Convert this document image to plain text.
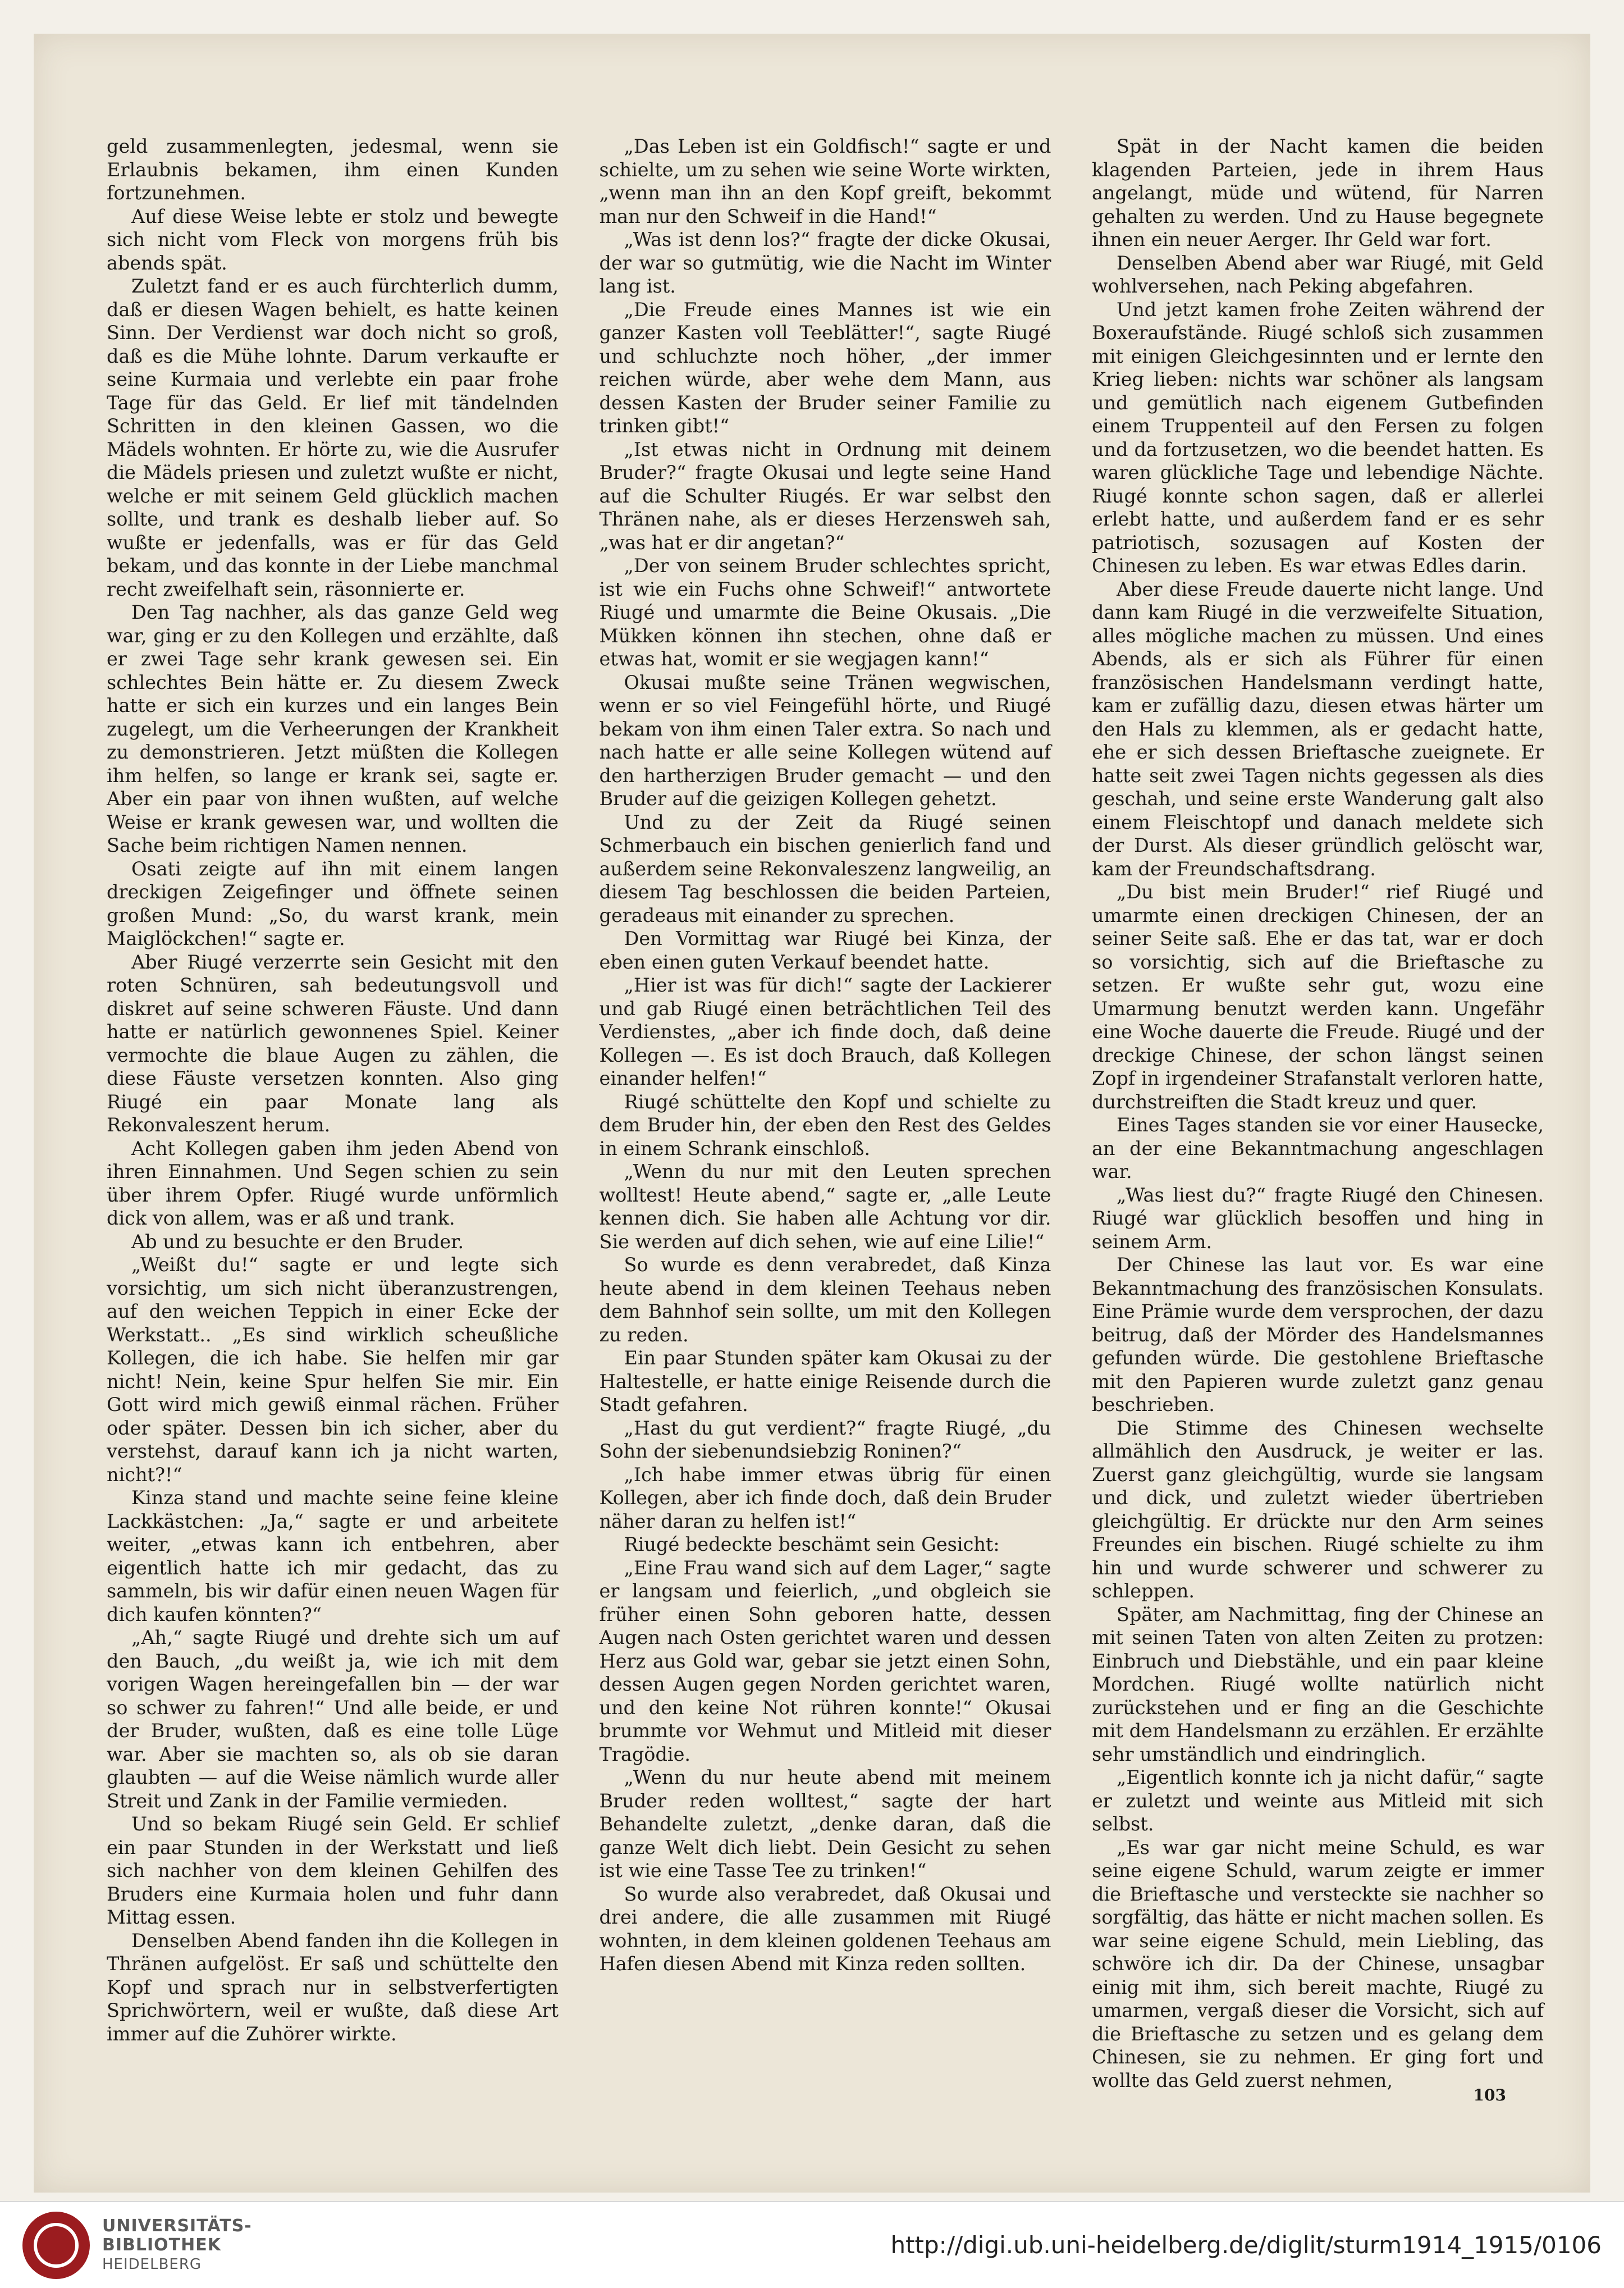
geld zusammenlegten, jedesmal, wenn sie Erlaubnis bekamen, ihm einen Kunden fortzunehmen.

Auf diese Weise lebte er stolz und bewegte sich nicht vom Fleck von morgens früh bis abends spät.

Zuletzt fand er es auch fürchterlich dumm, daß er diesen Wagen behielt, es hatte keinen Sinn. Der Verdienst war doch nicht so groß, daß es die Mühe lohnte. Darum verkaufte er seine Kurmaia und verlebte ein paar frohe Tage für das Geld. Er lief mit tändelnden Schritten in den kleinen Gassen, wo die Mädels wohnten. Er hörte zu, wie die Ausrufer die Mädels priesen und zuletzt wußte er nicht, welche er mit seinem Geld glücklich machen sollte, und trank es deshalb lieber auf. So wußte er jedenfalls, was er für das Geld bekam, und das konnte in der Liebe manchmal recht zweifelhaft sein, räsonnierte er.

Den Tag nachher, als das ganze Geld weg war, ging er zu den Kollegen und erzählte, daß er zwei Tage sehr krank gewesen sei. Ein schlechtes Bein hätte er. Zu diesem Zweck hatte er sich ein kurzes und ein langes Bein zugelegt, um die Verheerungen der Krankheit zu demonstrieren. Jetzt müßten die Kollegen ihm helfen, so lange er krank sei, sagte er. Aber ein paar von ihnen wußten, auf welche Weise er krank gewesen war, und wollten die Sache beim richtigen Namen nennen.

Osati zeigte auf ihn mit einem langen dreckigen Zeigefinger und öffnete seinen großen Mund: „So, du warst krank, mein Maiglöckchen!“ sagte er.

Aber Riugé verzerrte sein Gesicht mit den roten Schnüren, sah bedeutungsvoll und diskret auf seine schweren Fäuste. Und dann hatte er natürlich gewonnenes Spiel. Keiner vermochte die blaue Augen zu zählen, die diese Fäuste versetzen konnten. Also ging Riugé ein paar Monate lang als Rekonvaleszent herum.

Acht Kollegen gaben ihm jeden Abend von ihren Einnahmen. Und Segen schien zu sein über ihrem Opfer. Riugé wurde unförmlich dick von allem, was er aß und trank.

Ab und zu besuchte er den Bruder.

„Weißt du!“ sagte er und legte sich vorsichtig, um sich nicht überanzustrengen, auf den weichen Teppich in einer Ecke der Werkstatt.. „Es sind wirklich scheußliche Kollegen, die ich habe. Sie helfen mir gar nicht! Nein, keine Spur helfen Sie mir. Ein Gott wird mich gewiß einmal rächen. Früher oder später. Dessen bin ich sicher, aber du verstehst, darauf kann ich ja nicht warten, nicht?!“

Kinza stand und machte seine feine kleine Lackkästchen: „Ja,“ sagte er und arbeitete weiter, „etwas kann ich entbehren, aber eigentlich hatte ich mir gedacht, das zu sammeln, bis wir dafür einen neuen Wagen für dich kaufen könnten?“

„Ah,“ sagte Riugé und drehte sich um auf den Bauch, „du weißt ja, wie ich mit dem vorigen Wagen hereingefallen bin — der war so schwer zu fahren!“ Und alle beide, er und der Bruder, wußten, daß es eine tolle Lüge war. Aber sie machten so, als ob sie daran glaubten — auf die Weise nämlich wurde aller Streit und Zank in der Familie vermieden.

Und so bekam Riugé sein Geld. Er schlief ein paar Stunden in der Werkstatt und ließ sich nachher von dem kleinen Gehilfen des Bruders eine Kurmaia holen und fuhr dann Mittag essen.

Denselben Abend fanden ihn die Kollegen in Thränen aufgelöst. Er saß und schüttelte den Kopf und sprach nur in selbstverfertigten Sprichwörtern, weil er wußte, daß diese Art immer auf die Zuhörer wirkte.

„Das Leben ist ein Goldfisch!“ sagte er und schielte, um zu sehen wie seine Worte wirkten, „wenn man ihn an den Kopf greift, bekommt man nur den Schweif in die Hand!“

„Was ist denn los?“ fragte der dicke Okusai, der war so gutmütig, wie die Nacht im Winter lang ist.

„Die Freude eines Mannes ist wie ein ganzer Kasten voll Teeblätter!“, sagte Riugé und schluchzte noch höher, „der immer reichen würde, aber wehe dem Mann, aus dessen Kasten der Bruder seiner Familie zu trinken gibt!“

„Ist etwas nicht in Ordnung mit deinem Bruder?“ fragte Okusai und legte seine Hand auf die Schulter Riugés. Er war selbst den Thränen nahe, als er dieses Herzensweh sah, „was hat er dir angetan?“

„Der von seinem Bruder schlechtes spricht, ist wie ein Fuchs ohne Schweif!“ antwortete Riugé und umarmte die Beine Okusais. „Die Mükken können ihn stechen, ohne daß er etwas hat, womit er sie wegjagen kann!“

Okusai mußte seine Tränen wegwischen, wenn er so viel Feingefühl hörte, und Riugé bekam von ihm einen Taler extra. So nach und nach hatte er alle seine Kollegen wütend auf den hartherzigen Bruder gemacht — und den Bruder auf die geizigen Kollegen gehetzt.

Und zu der Zeit da Riugé seinen Schmerbauch ein bischen genierlich fand und außerdem seine Rekonvaleszenz langweilig, an diesem Tag beschlossen die beiden Parteien, geradeaus mit einander zu sprechen.

Den Vormittag war Riugé bei Kinza, der eben einen guten Verkauf beendet hatte.

„Hier ist was für dich!“ sagte der Lackierer und gab Riugé einen beträchtlichen Teil des Verdienstes, „aber ich finde doch, daß deine Kollegen —. Es ist doch Brauch, daß Kollegen einander helfen!“

Riugé schüttelte den Kopf und schielte zu dem Bruder hin, der eben den Rest des Geldes in einem Schrank einschloß.

„Wenn du nur mit den Leuten sprechen wolltest! Heute abend,“ sagte er, „alle Leute kennen dich. Sie haben alle Achtung vor dir. Sie werden auf dich sehen, wie auf eine Lilie!“

So wurde es denn verabredet, daß Kinza heute abend in dem kleinen Teehaus neben dem Bahnhof sein sollte, um mit den Kollegen zu reden.

Ein paar Stunden später kam Okusai zu der Haltestelle, er hatte einige Reisende durch die Stadt gefahren.

„Hast du gut verdient?“ fragte Riugé, „du Sohn der siebenundsiebzig Roninen?“

„Ich habe immer etwas übrig für einen Kollegen, aber ich finde doch, daß dein Bruder näher daran zu helfen ist!“

Riugé bedeckte beschämt sein Gesicht:

„Eine Frau wand sich auf dem Lager,“ sagte er langsam und feierlich, „und obgleich sie früher einen Sohn geboren hatte, dessen Augen nach Osten gerichtet waren und dessen Herz aus Gold war, gebar sie jetzt einen Sohn, dessen Augen gegen Norden gerichtet waren, und den keine Not rühren konnte!“ Okusai brummte vor Wehmut und Mitleid mit dieser Tragödie.

„Wenn du nur heute abend mit meinem Bruder reden wolltest,“ sagte der hart Behandelte zuletzt, „denke daran, daß die ganze Welt dich liebt. Dein Gesicht zu sehen ist wie eine Tasse Tee zu trinken!“

So wurde also verabredet, daß Okusai und drei andere, die alle zusammen mit Riugé wohnten, in dem kleinen goldenen Teehaus am Hafen diesen Abend mit Kinza reden sollten.

Spät in der Nacht kamen die beiden klagenden Parteien, jede in ihrem Haus angelangt, müde und wütend, für Narren gehalten zu werden. Und zu Hause begegnete ihnen ein neuer Aerger. Ihr Geld war fort.

Denselben Abend aber war Riugé, mit Geld wohlversehen, nach Peking abgefahren.

Und jetzt kamen frohe Zeiten während der Boxeraufstände. Riugé schloß sich zusammen mit einigen Gleichgesinnten und er lernte den Krieg lieben: nichts war schöner als langsam und gemütlich nach eigenem Gutbefinden einem Truppenteil auf den Fersen zu folgen und da fortzusetzen, wo die beendet hatten. Es waren glückliche Tage und lebendige Nächte. Riugé konnte schon sagen, daß er allerlei erlebt hatte, und außerdem fand er es sehr patriotisch, sozusagen auf Kosten der Chinesen zu leben. Es war etwas Edles darin.

Aber diese Freude dauerte nicht lange. Und dann kam Riugé in die verzweifelte Situation, alles mögliche machen zu müssen. Und eines Abends, als er sich als Führer für einen französischen Handelsmann verdingt hatte, kam er zufällig dazu, diesen etwas härter um den Hals zu klemmen, als er gedacht hatte, ehe er sich dessen Brieftasche zueignete. Er hatte seit zwei Tagen nichts gegessen als dies geschah, und seine erste Wanderung galt also einem Fleischtopf und danach meldete sich der Durst. Als dieser gründlich gelöscht war, kam der Freundschaftsdrang.

„Du bist mein Bruder!“ rief Riugé und umarmte einen dreckigen Chinesen, der an seiner Seite saß. Ehe er das tat, war er doch so vorsichtig, sich auf die Brieftasche zu setzen. Er wußte sehr gut, wozu eine Umarmung benutzt werden kann. Ungefähr eine Woche dauerte die Freude. Riugé und der dreckige Chinese, der schon längst seinen Zopf in irgendeiner Strafanstalt verloren hatte, durchstreiften die Stadt kreuz und quer.

Eines Tages standen sie vor einer Hausecke, an der eine Bekanntmachung angeschlagen war.

„Was liest du?“ fragte Riugé den Chinesen. Riugé war glücklich besoffen und hing in seinem Arm.

Der Chinese las laut vor. Es war eine Bekanntmachung des französischen Konsulats. Eine Prämie wurde dem versprochen, der dazu beitrug, daß der Mörder des Handelsmannes gefunden würde. Die gestohlene Brieftasche mit den Papieren wurde zuletzt ganz genau beschrieben.

Die Stimme des Chinesen wechselte allmählich den Ausdruck, je weiter er las. Zuerst ganz gleichgültig, wurde sie langsam und dick, und zuletzt wieder übertrieben gleichgültig. Er drückte nur den Arm seines Freundes ein bischen. Riugé schielte zu ihm hin und wurde schwerer und schwerer zu schleppen.

Später, am Nachmittag, fing der Chinese an mit seinen Taten von alten Zeiten zu protzen: Einbruch und Diebstähle, und ein paar kleine Mordchen. Riugé wollte natürlich nicht zurückstehen und er fing an die Geschichte mit dem Handelsmann zu erzählen. Er erzählte sehr umständlich und eindringlich.

„Eigentlich konnte ich ja nicht dafür,“ sagte er zuletzt und weinte aus Mitleid mit sich selbst.

„Es war gar nicht meine Schuld, es war seine eigene Schuld, warum zeigte er immer die Brieftasche und versteckte sie nachher so sorgfältig, das hätte er nicht machen sollen. Es war seine eigene Schuld, mein Liebling, das schwöre ich dir. Da der Chinese, unsagbar einig mit ihm, sich bereit machte, Riugé zu umarmen, vergaß dieser die Vorsicht, sich auf die Brieftasche zu setzen und es gelang dem Chinesen, sie zu nehmen. Er ging fort und wollte das Geld zuerst nehmen,

103
UNIVERSITÄTS-
BIBLIOTHEK
HEIDELBERG
http://digi.ub.uni-heidelberg.de/diglit/sturm1914_1915/0106
